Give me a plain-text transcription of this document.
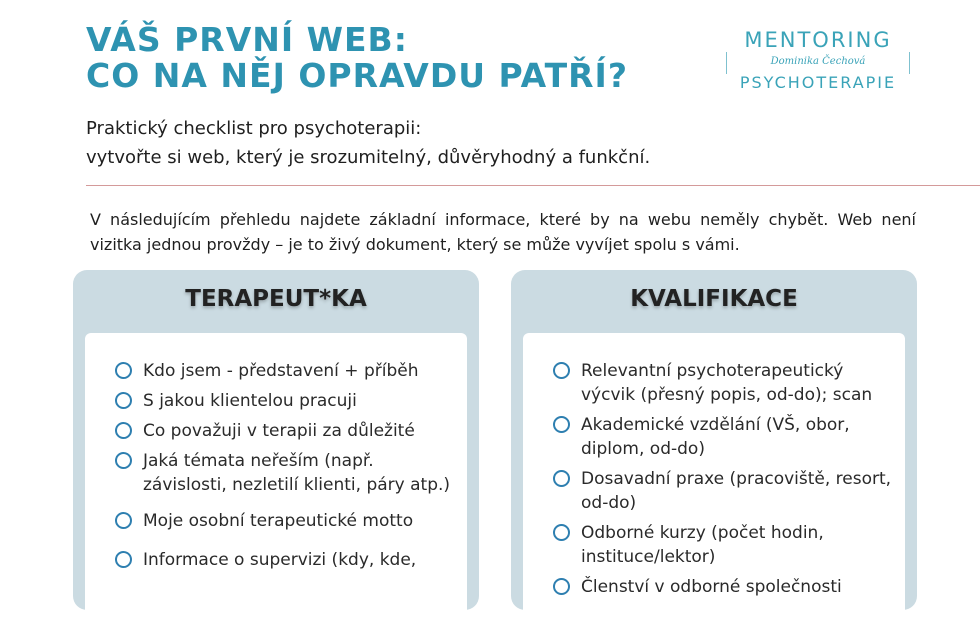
VÁŠ PRVNÍ WEB:
CO NA NĚJ OPRAVDU PATŘÍ?
MENTORING
Dominika Čechová
PSYCHOTERAPIE

Praktický checklist pro psychoterapii:
vytvořte si web, který je srozumitelný, důvěryhodný a funkční.

V následujícím přehledu najdete základní informace, které by na webu neměly chybět. Web není vizitka jednou provždy – je to živý dokument, který se může vyvíjet spolu s vámi.

TERAPEUT*KA
Kdo jsem - představení + příběh
S jakou klientelou pracuji
Co považuji v terapii za důležité
Jaká témata neřeším (např. závislosti, nezletilí klienti, páry atp.)
Moje osobní terapeutické motto
Informace o supervizi (kdy, kde,
KVALIFIKACE
Relevantní psychoterapeutický výcvik (přesný popis, od-do); scan
Akademické vzdělání (VŠ, obor, diplom, od-do)
Dosavadní praxe (pracoviště, resort, od-do)
Odborné kurzy (počet hodin, instituce/lektor)
Členství v odborné společnosti
